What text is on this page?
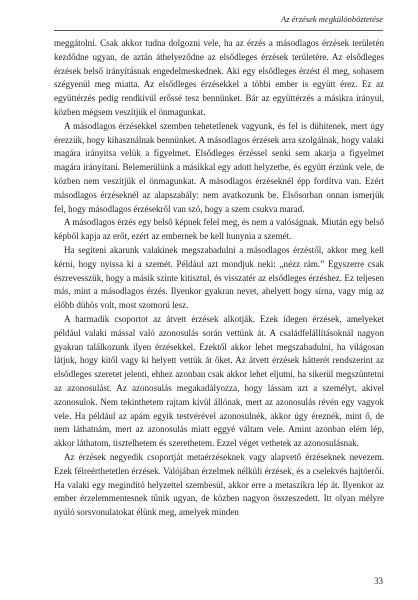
Az érzések megkülönböztetése

meggátolni. Csak akkor tudna dolgozni vele, ha az érzés a másodlagos érzések területén kezdődne ugyan, de aztán áthelyeződne az elsődleges érzések területére. Az elsődleges érzések belső irányításnak engedelmeskednek. Aki egy elsődleges érzést él meg, sohasem szégyenül meg miatta. Az elsődleges érzésekkel a többi ember is együtt érez. Ez az együttérzés pedig rendkívül erőssé tesz bennünket. Bár az együttérzés a másikra irányul, közben mégsem veszítjük el önmagunkat.

A másodlagos érzésekkel szemben tehetetlenek vagyunk, és fel is dühítenek, mert úgy érezzük, hogy kihasználnak bennünket. A másodlagos érzések arra szolgálnak, hogy valaki magára irányítsa velük a figyelmet. Elsődleges érzéssel senki sem akarja a figyelmet magára irányítani. Belemerülünk a másikkal egy adott helyzetbe, és együtt érzünk vele, de közben nem veszítjük el önmagunkat. A másodlagos érzéseknél épp fordítva van. Ezért másodlagos érzéseknél az alapszabály: nem avatkozunk be. Elsősorban onnan ismerjük fel, hogy másodlagos érzésekről van szó, hogy a szem csukva marad.

A másodlagos érzés egy belső képnek felel meg, és nem a valóságnak. Miután egy belső képből kapja az erőt, ezért az embernek be kell hunynia a szemét.

Ha segíteni akarunk valakinek megszabadulni a másodlagos érzéstől, akkor meg kell kérni, hogy nyissa ki a szemét. Például azt mondjuk neki: „nézz rám.” Egyszerre csak észrevesszük, hogy a másik szinte kitisztul, és visszatér az elsődleges érzéshez. Ez teljesen más, mint a másodlagos érzés. Ilyenkor gyakran nevet, ahelyett hogy sírna, vagy míg az előbb dühös volt, most szomorú lesz.

A harmadik csoportot az átvett érzések alkotják. Ezek idegen érzések, amelyeket például valaki mással való azonosulás során vettünk át. A családfelállításoknál nagyon gyakran találkozunk ilyen érzésekkel. Ezektől akkor lehet megszabadulni, ha világosan látjuk, hogy kitől vagy ki helyett vettük át őket. Az átvett érzések hátterét rendszerint az elsődleges szeretet jelenti, ehhez azonban csak akkor lehet eljutni, ha sikerül megszüntetni az azonosulást. Az azonosulás megakadályozza, hogy lássam azt a személyt, akivel azonosulok. Nem tekinthetem rajtam kívül állónak, mert az azonosulás révén egy vagyok vele. Ha például az apám egyik testvérével azonosulnék, akkor úgy éreznék, mint ő, de nem láthatnám, mert az azonosulás miatt eggyé váltam vele. Amint azonban elém lép, akkor láthatom, tisztelhetem és szerethetem. Ezzel véget vethetek az azonosulásnak.

Az érzések negyedik csoportját metaérzéseknek vagy alapvető érzéseknek nevezem. Ezek félreérthetetlen érzések. Valójában érzelmek nélküli érzések, és a cselekvés hajtóerői. Ha valaki egy megindító helyzettel szembesül, akkor erre a metaszikra lép át. Ilyenkor az ember érzelemmentesnek tűnik ugyan, de közben nagyon összeszedett. Itt olyan mélyre nyúló sorsvonulatokat élünk meg, amelyek minden

33
